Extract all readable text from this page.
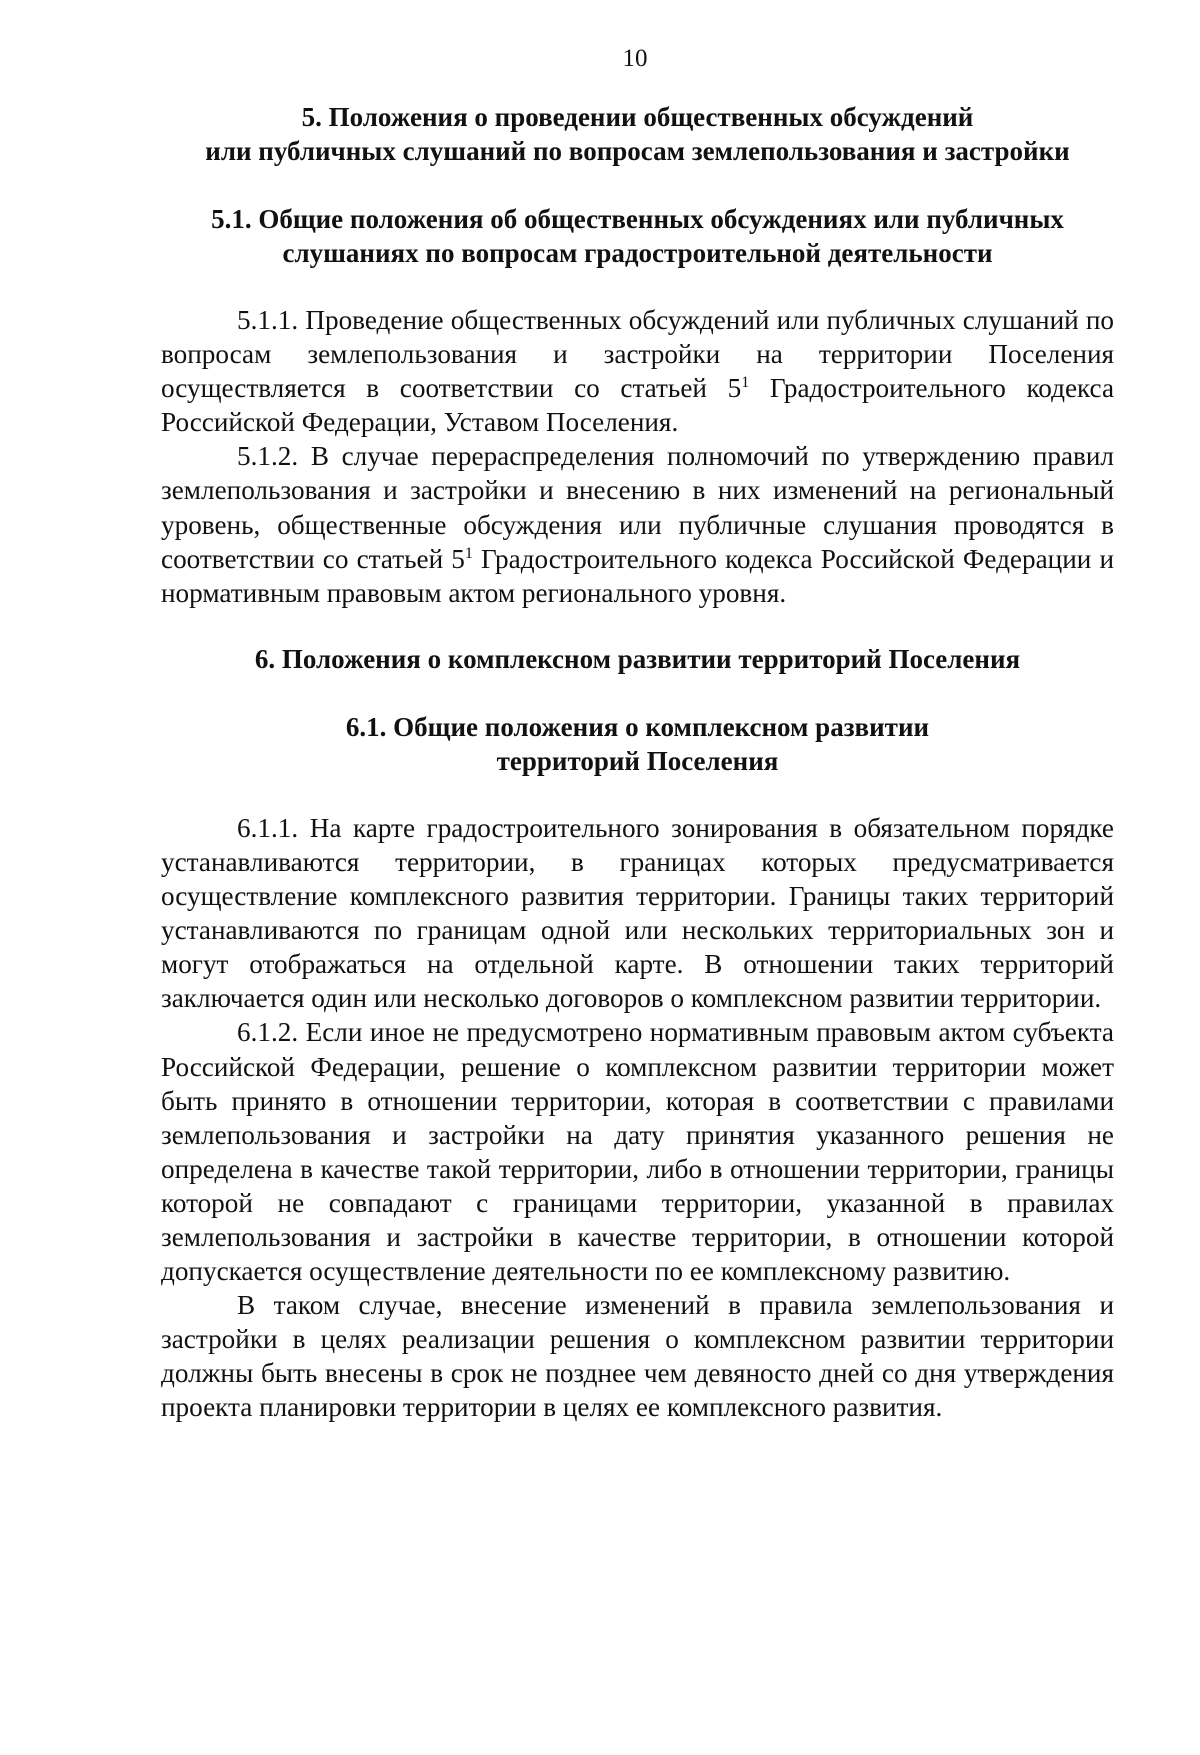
10
5. Положения о проведении общественных обсуждений
или публичных слушаний по вопросам землепользования и застройки
5.1. Общие положения об общественных обсуждениях или публичных
слушаниях по вопросам градостроительной деятельности

5.1.1. Проведение общественных обсуждений или публичных слушаний по вопросам землепользования и застройки на территории Поселения осуществляется в соответствии со статьей $5^1$ Градостроительного кодекса Российской Федерации, Уставом Поселения.

5.1.2. В случае перераспределения полномочий по утверждению правил землепользования и застройки и внесению в них изменений на региональный уровень, общественные обсуждения или публичные слушания проводятся в соответствии со статьей $5^1$ Градостроительного кодекса Российской Федерации и нормативным правовым актом регионального уровня.

6. Положения о комплексном развитии территорий Поселения
6.1. Общие положения о комплексном развитии
территорий Поселения

6.1.1. На карте градостроительного зонирования в обязательном порядке устанавливаются территории, в границах которых предусматривается осуществление комплексного развития территории. Границы таких территорий устанавливаются по границам одной или нескольких территориальных зон и могут отображаться на отдельной карте. В отношении таких территорий заключается один или несколько договоров о комплексном развитии территории.

6.1.2. Если иное не предусмотрено нормативным правовым актом субъекта Российской Федерации, решение о комплексном развитии территории может быть принято в отношении территории, которая в соответствии с правилами землепользования и застройки на дату принятия указанного решения не определена в качестве такой территории, либо в отношении территории, границы которой не совпадают с границами территории, указанной в правилах землепользования и застройки в качестве территории, в отношении которой допускается осуществление деятельности по ее комплексному развитию.

В таком случае, внесение изменений в правила землепользования и застройки в целях реализации решения о комплексном развитии территории должны быть внесены в срок не позднее чем девяносто дней со дня утверждения проекта планировки территории в целях ее комплексного развития.
